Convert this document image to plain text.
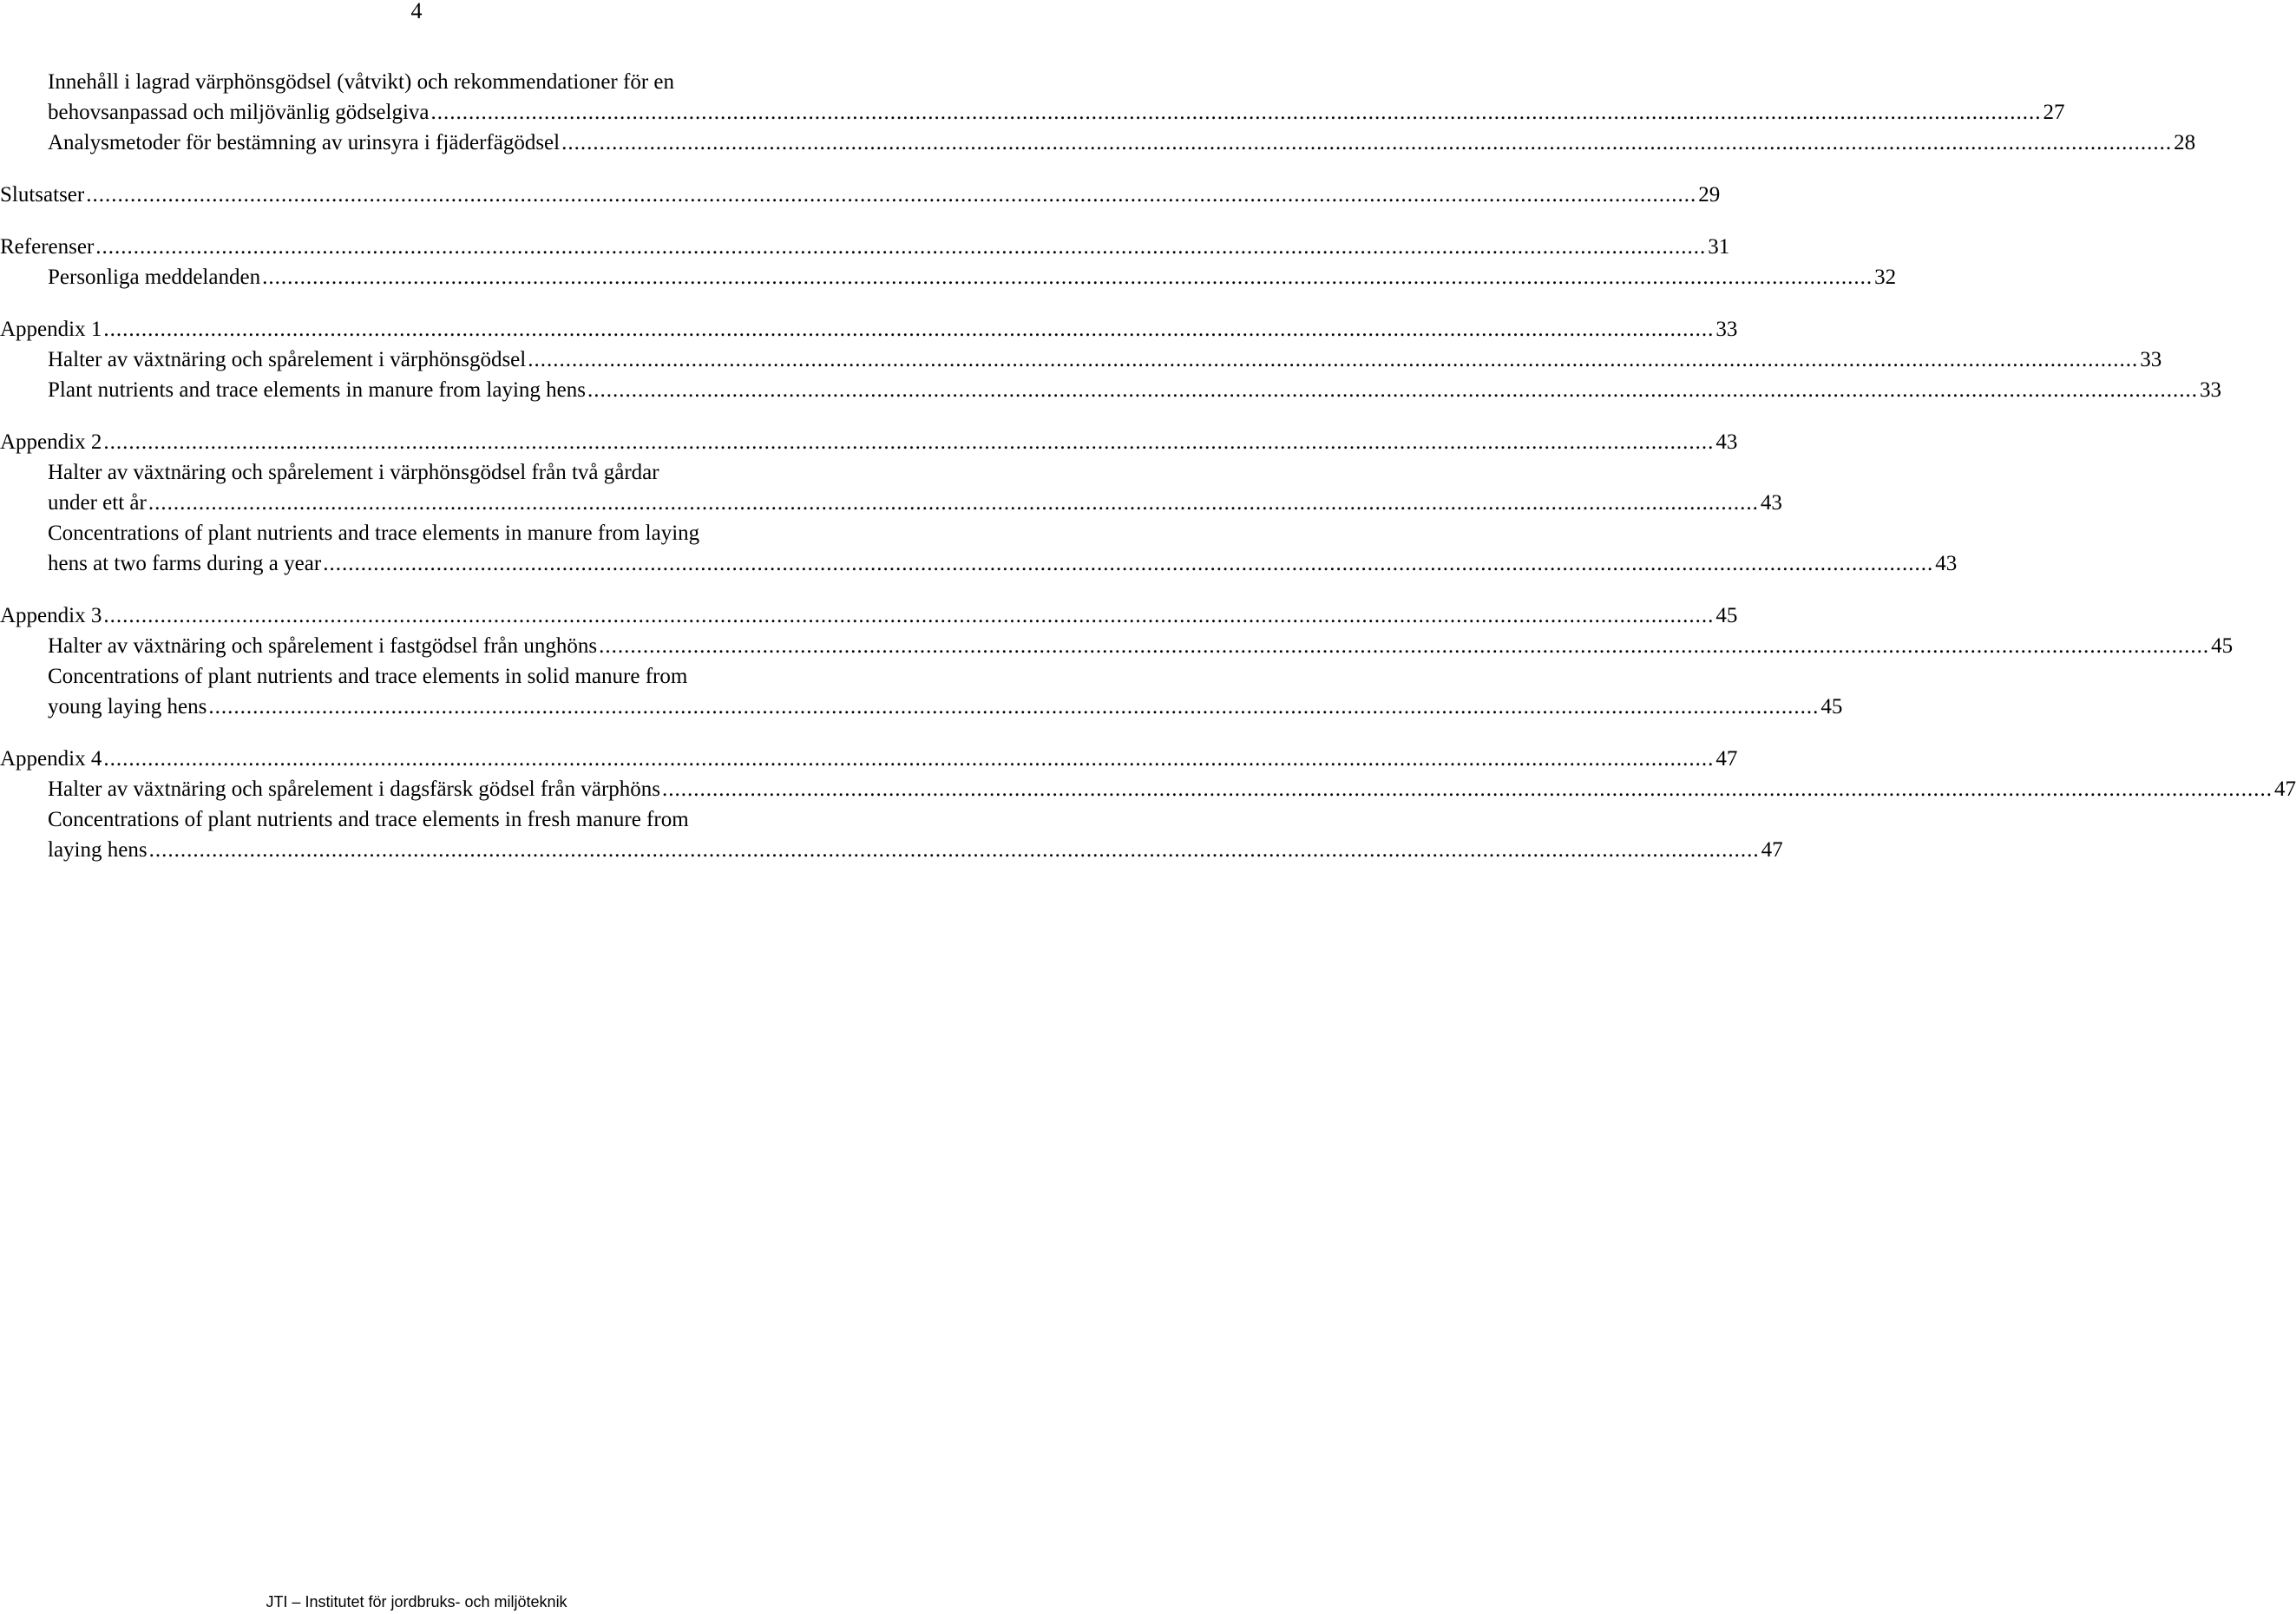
4
Innehåll i lagrad värphönsgödsel (våtvikt) och rekommendationer för en
behovsanpassad och miljövänlig gödselgiva .....	27
Analysmetoder för bestämning av urinsyra i fjäderfägödsel .....	28
Slutsatser .....	29
Referenser .....	31
Personliga meddelanden .....	32
Appendix 1 .....	33
Halter av växtnäring och spårelement i värphönsgödsel .....	33
Plant nutrients and trace elements in manure from laying hens .....	33
Appendix 2 .....	43
Halter av växtnäring och spårelement i värphönsgödsel från två gårdar
under ett år .....	43
Concentrations of plant nutrients and trace elements in manure from laying
hens at two farms during a year .....	43
Appendix 3 .....	45
Halter av växtnäring och spårelement i fastgödsel från unghöns .....	45
Concentrations of plant nutrients and trace elements in solid manure from
young laying hens .....	45
Appendix 4 .....	47
Halter av växtnäring och spårelement i dagsfärsk gödsel från värphöns .....	47
Concentrations of plant nutrients and trace elements in fresh manure from
laying hens .....	47
JTI – Institutet för jordbruks- och miljöteknik
